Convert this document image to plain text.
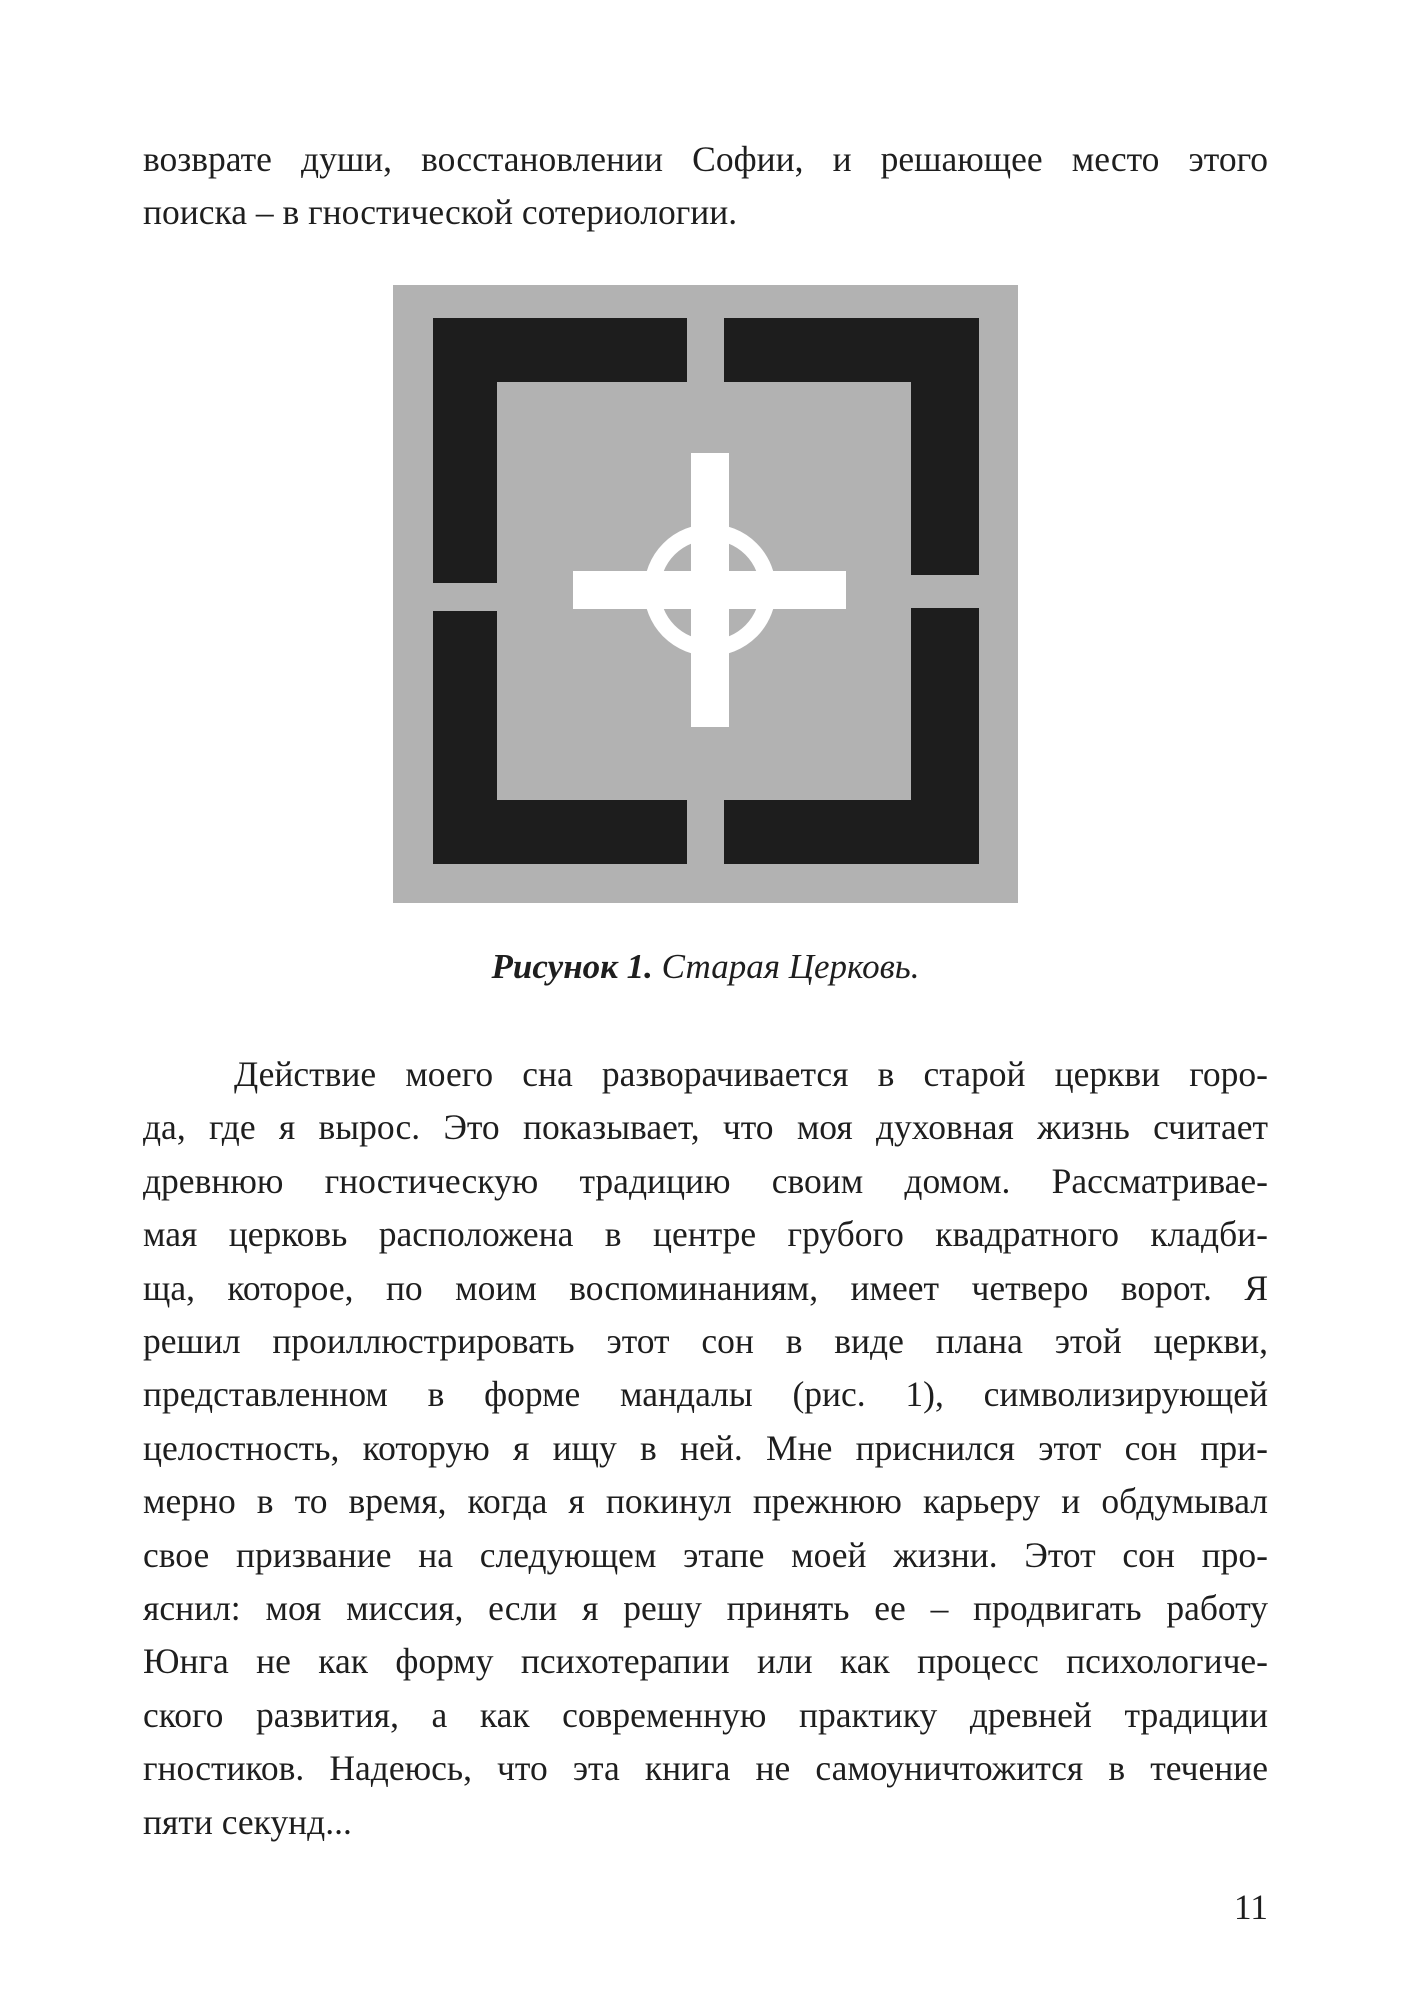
возврате души, восстановлении Софии, и решающее место этого
поиска – в гностической сотериологии.
Рисунок 1. Старая Церковь.
Действие моего сна разворачивается в старой церкви горо-
да, где я вырос. Это показывает, что моя духовная жизнь считает
древнюю гностическую традицию своим домом. Рассматривае-
мая церковь расположена в центре грубого квадратного кладби-
ща, которое, по моим воспоминаниям, имеет четверо ворот. Я
решил проиллюстрировать этот сон в виде плана этой церкви,
представленном в форме мандалы (рис. 1), символизирующей
целостность, которую я ищу в ней. Мне приснился этот сон при-
мерно в то время, когда я покинул прежнюю карьеру и обдумывал
свое призвание на следующем этапе моей жизни. Этот сон про-
яснил: моя миссия, если я решу принять ее – продвигать работу
Юнга не как форму психотерапии или как процесс психологиче-
ского развития, а как современную практику древней традиции
гностиков. Надеюсь, что эта книга не самоуничтожится в течение
пяти секунд...
11
